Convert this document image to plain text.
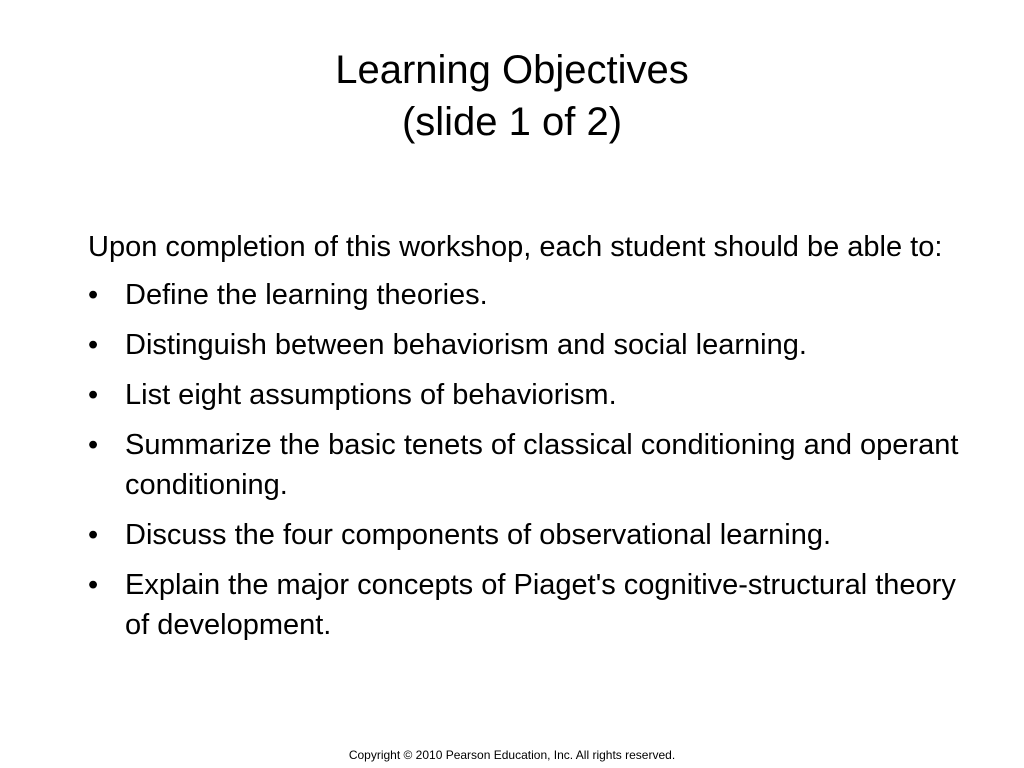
Learning Objectives
(slide 1 of 2)

Upon completion of this workshop, each student should be able to:

• Define the learning theories.
• Distinguish between behaviorism and social learning.
• List eight assumptions of behaviorism.
• Summarize the basic tenets of classical conditioning and operant conditioning.
• Discuss the four components of observational learning.
• Explain the major concepts of Piaget's cognitive-structural theory of development.
Copyright © 2010 Pearson Education, Inc. All rights reserved.
